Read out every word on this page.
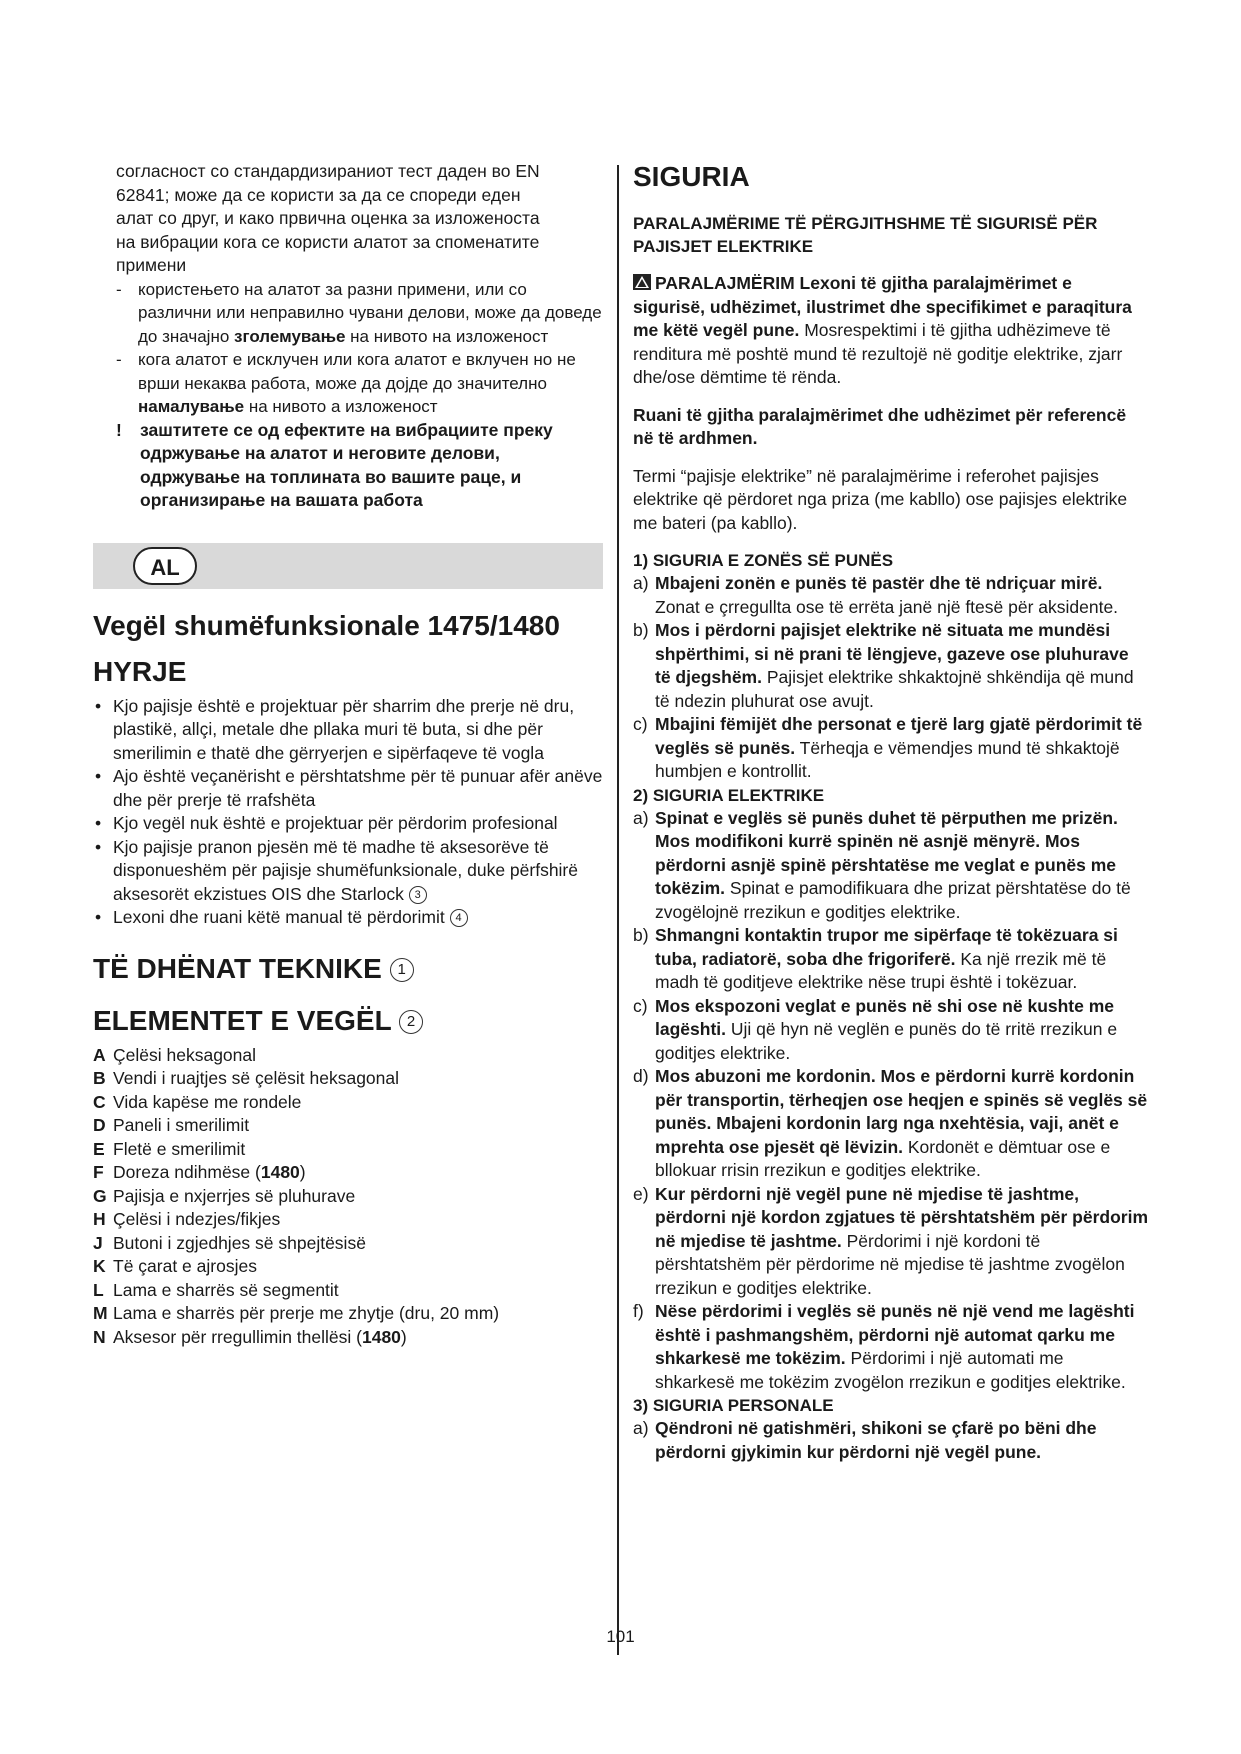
согласност со стандардизираниот тест даден во EN

62841; може да се користи за да се спореди еден

алат со друг, и како првична оценка за изложеноста

на вибрации кога се користи алатот за споменатите

примени

- користењето на алатот за разни примени, или со различни или неправилно чувани делови, може да доведе до значајно зголемување на нивото на изложеност

- кога алатот е исклучен или кога алатот е вклучен но не врши некаква работа, може да дојде до значително намалување на нивото а изложеност

! заштитете се од ефектите на вибрациите преку одржување на алатот и неговите делови, одржување на топлината во вашите раце, и организирање на вашата работа

AL
Vegël shumëfunksionale 1475/1480
HYRJE

• Kjo pajisje është e projektuar për sharrim dhe prerje në dru, plastikë, allçi, metale dhe pllaka muri të buta, si dhe për smerilimin e thatë dhe gërryerjen e sipërfaqeve të vogla

• Ajo është veçanërisht e përshtatshme për të punuar afër anëve dhe për prerje të rrafshëta

• Kjo vegël nuk është e projektuar për përdorim profesional

• Kjo pajisje pranon pjesën më të madhe të aksesorëve të disponueshëm për pajisje shumëfunksionale, duke përfshirë aksesorët ekzistues OIS dhe Starlock 3

• Lexoni dhe ruani këtë manual të përdorimit 4

TË DHËNAT TEKNIKE 1
ELEMENTET E VEGËL 2

A Çelësi heksagonal

B Vendi i ruajtjes së çelësit heksagonal

C Vida kapëse me rondele

D Paneli i smerilimit

E Fletë e smerilimit

F Doreza ndihmëse (1480)

G Pajisja e nxjerrjes së pluhurave

H Çelësi i ndezjes/fikjes

J Butoni i zgjedhjes së shpejtësisë

K Të çarat e ajrosjes

L Lama e sharrës së segmentit

M Lama e sharrës për prerje me zhytje (dru, 20 mm)

N Aksesor për rregullimin thellësi (1480)

SIGURIA

PARALAJMËRIME TË PËRGJITHSHME TË SIGURISË PËR PAJISJET ELEKTRIKE

PARALAJMËRIM Lexoni të gjitha paralajmërimet e sigurisë, udhëzimet, ilustrimet dhe specifikimet e paraqitura me këtë vegël pune. Mosrespektimi i të gjitha udhëzimeve të renditura më poshtë mund të rezultojë në goditje elektrike, zjarr dhe/ose dëmtime të rënda.

Ruani të gjitha paralajmërimet dhe udhëzimet për referencë në të ardhmen.

Termi “pajisje elektrike” në paralajmërime i referohet pajisjes elektrike që përdoret nga priza (me kabllo) ose pajisjes elektrike me bateri (pa kabllo).

1) SIGURIA E ZONËS SË PUNËS

a) Mbajeni zonën e punës të pastër dhe të ndriçuar mirë. Zonat e çrregullta ose të errëta janë një ftesë për aksidente.

b) Mos i përdorni pajisjet elektrike në situata me mundësi shpërthimi, si në prani të lëngjeve, gazeve ose pluhurave të djegshëm. Pajisjet elektrike shkaktojnë shkëndija që mund të ndezin pluhurat ose avujt.

c) Mbajini fëmijët dhe personat e tjerë larg gjatë përdorimit të veglës së punës. Tërheqja e vëmendjes mund të shkaktojë humbjen e kontrollit.

2) SIGURIA ELEKTRIKE

a) Spinat e veglës së punës duhet të përputhen me prizën. Mos modifikoni kurrë spinën në asnjë mënyrë. Mos përdorni asnjë spinë përshtatëse me veglat e punës me tokëzim. Spinat e pamodifikuara dhe prizat përshtatëse do të zvogëlojnë rrezikun e goditjes elektrike.

b) Shmangni kontaktin trupor me sipërfaqe të tokëzuara si tuba, radiatorë, soba dhe frigoriferë. Ka një rrezik më të madh të goditjeve elektrike nëse trupi është i tokëzuar.

c) Mos ekspozoni veglat e punës në shi ose në kushte me lagështi. Uji që hyn në veglën e punës do të rritë rrezikun e goditjes elektrike.

d) Mos abuzoni me kordonin. Mos e përdorni kurrë kordonin për transportin, tërheqjen ose heqjen e spinës së veglës së punës. Mbajeni kordonin larg nga nxehtësia, vaji, anët e mprehta ose pjesët që lëvizin. Kordonët e dëmtuar ose e bllokuar rrisin rrezikun e goditjes elektrike.

e) Kur përdorni një vegël pune në mjedise të jashtme, përdorni një kordon zgjatues të përshtatshëm për përdorim në mjedise të jashtme. Përdorimi i një kordoni të përshtatshëm për përdorime në mjedise të jashtme zvogëlon rrezikun e goditjes elektrike.

f) Nëse përdorimi i veglës së punës në një vend me lagështi është i pashmangshëm, përdorni një automat qarku me shkarkesë me tokëzim. Përdorimi i një automati me shkarkesë me tokëzim zvogëlon rrezikun e goditjes elektrike.

3) SIGURIA PERSONALE

a) Qëndroni në gatishmëri, shikoni se çfarë po bëni dhe përdorni gjykimin kur përdorni një vegël pune.

101
